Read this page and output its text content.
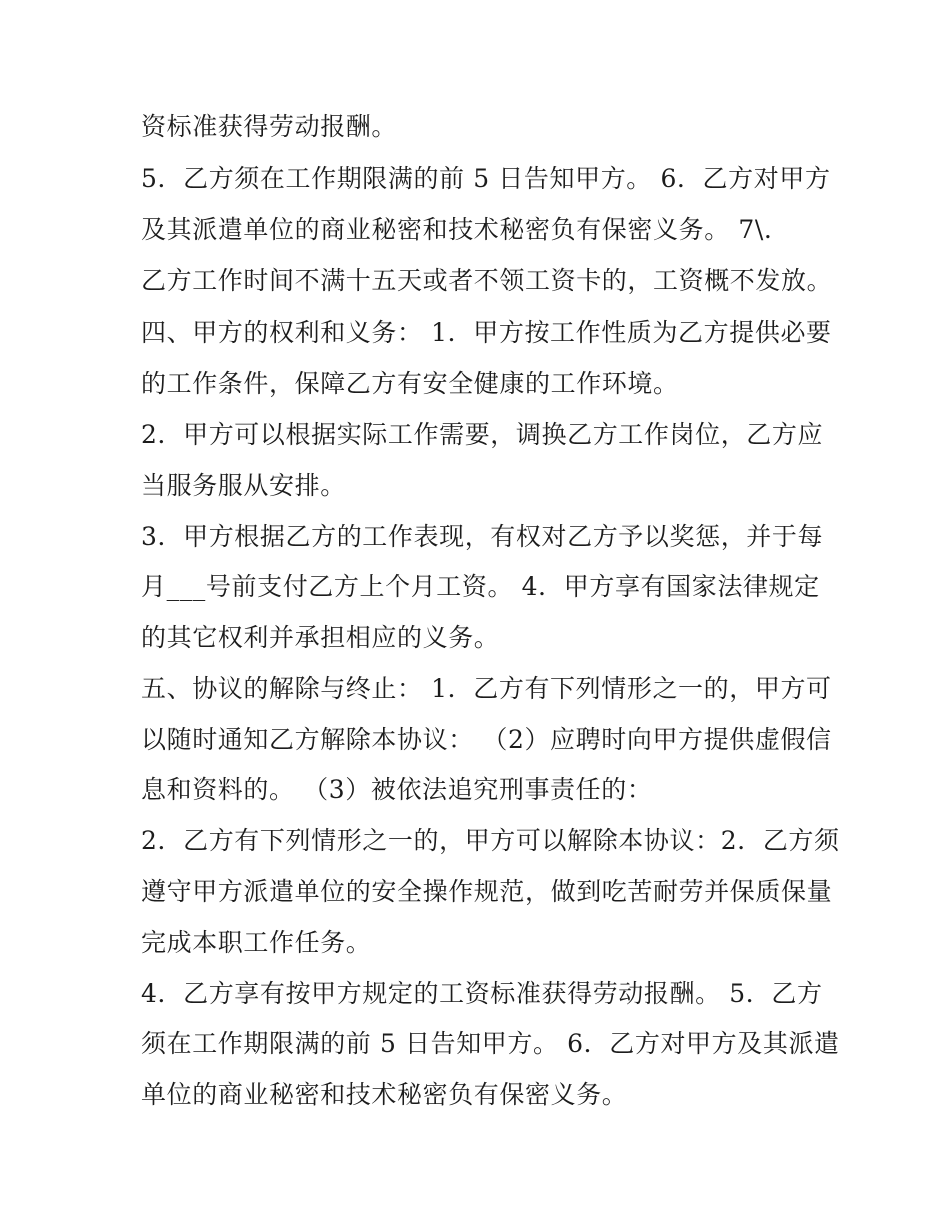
资标准获得劳动报酬。
5．乙方须在工作期限满的前 5 日告知甲方。 6．乙方对甲方
及其派遣单位的商业秘密和技术秘密负有保密义务。 7\.
乙方工作时间不满十五天或者不领工资卡的，工资概不发放。
四、甲方的权利和义务： 1．甲方按工作性质为乙方提供必要
的工作条件，保障乙方有安全健康的工作环境。
2．甲方可以根据实际工作需要，调换乙方工作岗位，乙方应
当服务服从安排。
3．甲方根据乙方的工作表现，有权对乙方予以奖惩，并于每
月___号前支付乙方上个月工资。 4．甲方享有国家法律规定
的其它权利并承担相应的义务。
五、协议的解除与终止： 1．乙方有下列情形之一的，甲方可
以随时通知乙方解除本协议： （2）应聘时向甲方提供虚假信
息和资料的。 （3）被依法追究刑事责任的：
2．乙方有下列情形之一的，甲方可以解除本协议：2．乙方须
遵守甲方派遣单位的安全操作规范，做到吃苦耐劳并保质保量
完成本职工作任务。
4．乙方享有按甲方规定的工资标准获得劳动报酬。 5．乙方
须在工作期限满的前 5 日告知甲方。 6．乙方对甲方及其派遣
单位的商业秘密和技术秘密负有保密义务。
